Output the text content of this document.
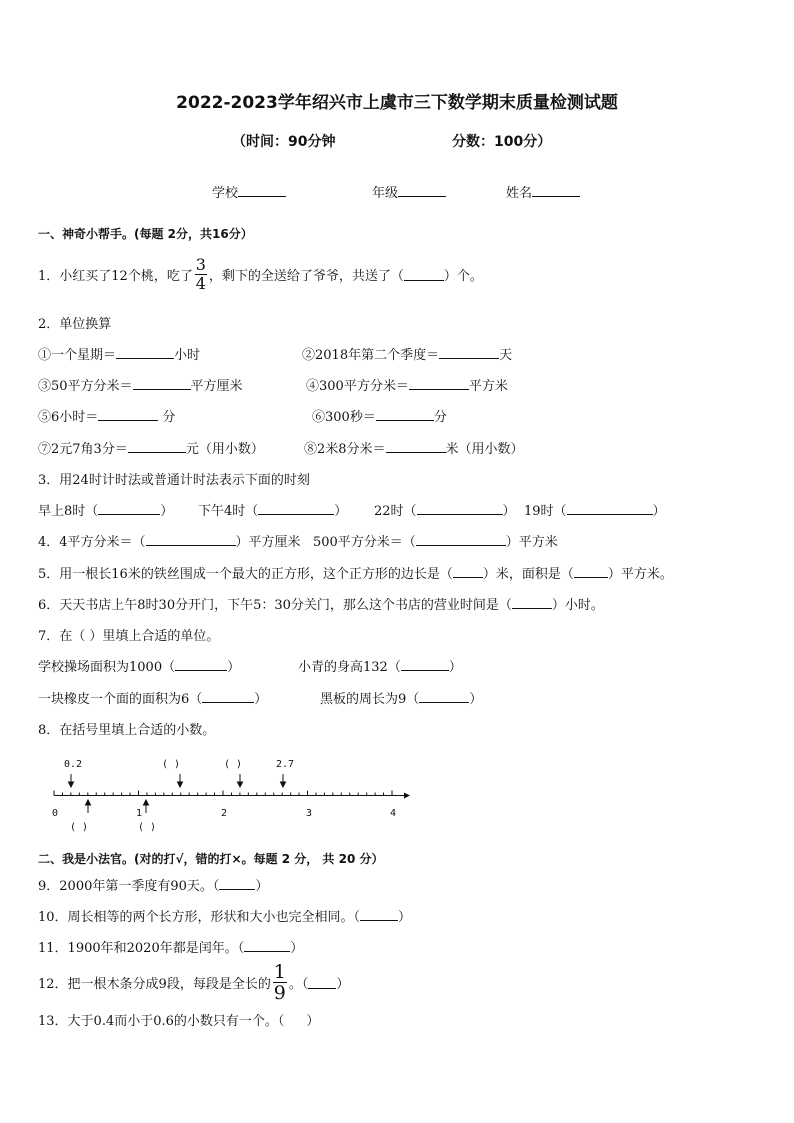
2022-2023学年绍兴市上虞市三下数学期末质量检测试题
（时间：90分钟	分数：100分）
学校	年级	姓名
一、神奇小帮手。(每题 2分，共16分）
1．小红买了12个桃，吃了 $\frac{3}{4}$ ，剩下的全送给了爷爷，共送了（	）个。
2．单位换算
①一个星期＝	小时	②2018年第二个季度＝	天
③50平方分米＝	平方厘米	④300平方分米＝	平方米
⑤6小时＝	分	⑥300秒＝	分
⑦2元7角3分＝	元（用小数）	⑧2米8分米＝	米（用小数）
3．用24时计时法或普通计时法表示下面的时刻
早上8时（	） 下午4时（	） 22时（	） 19时（	）
4．4平方分米＝（	）平方厘米 500平方分米＝（	）平方米
5．用一根长16米的铁丝围成一个最大的正方形，这个正方形的边长是（ ）米，面积是（	）平方米。
6．天天书店上午8时30分开门，下午5：30分关门，那么这个书店的营业时间是（	）小时。
7．在（ ）里填上合适的单位。
学校操场面积为1000（	）	小青的身高132（	）
一块橡皮一个面的面积为6（	）	黑板的周长为9（	）
8．在括号里填上合适的小数。
0.2	( )	( )	2.7
0	1	2	3	4
( )	( )
二、我是小法官。(对的打√，错的打×。每题 2 分， 共 20 分）
9．2000年第一季度有90天。（	）
10．周长相等的两个长方形，形状和大小也完全相同。（	）
11．1900年和2020年都是闰年。（	）
12．把一根木条分成9段，每段是全长的 $\frac{1}{9}$ 。（ ）
13．大于0.4而小于0.6的小数只有一个。（ ）
